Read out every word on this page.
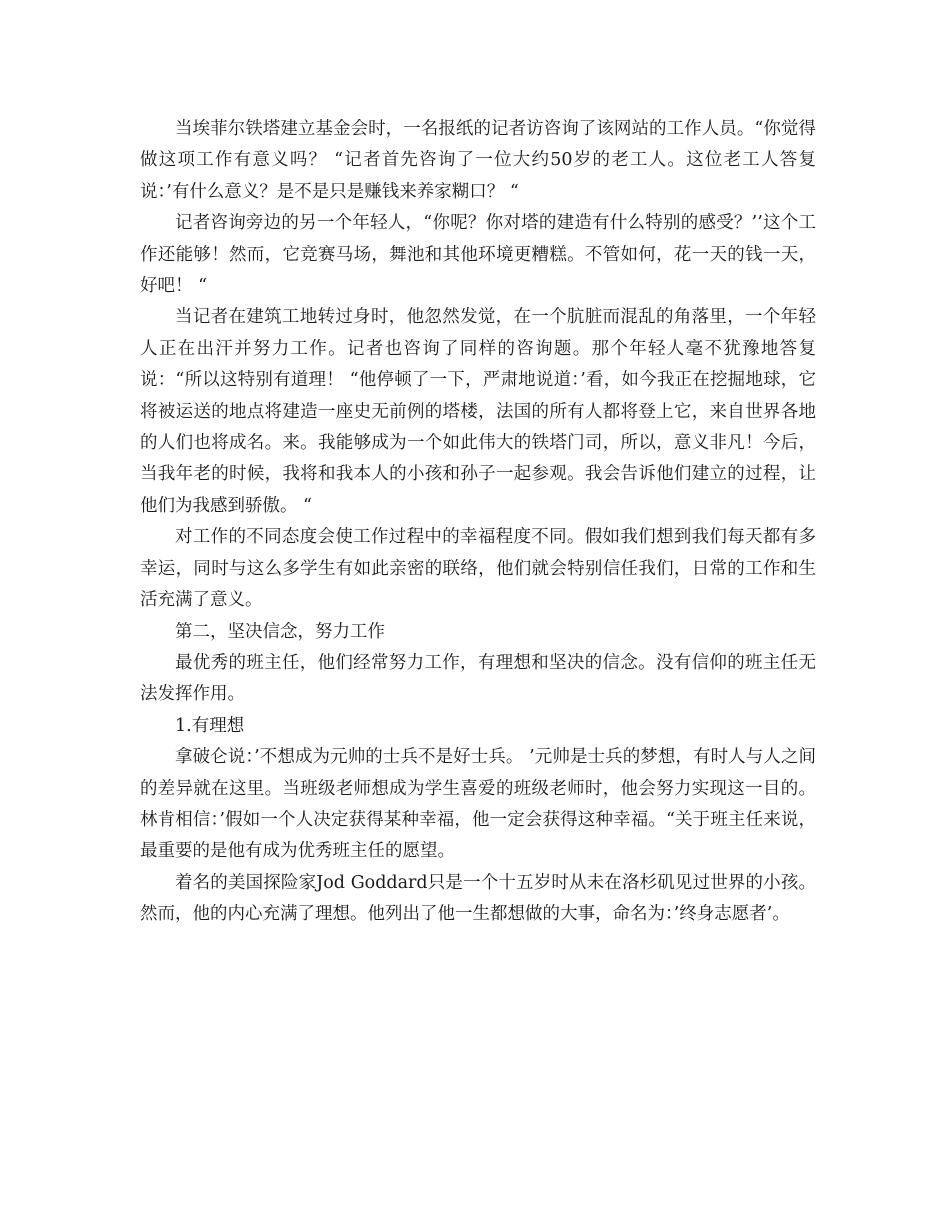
当埃菲尔铁塔建立基金会时，一名报纸的记者访咨询了该网站的工作人员。“你觉得做这项工作有意义吗？ “记者首先咨询了一位大约50岁的老工人。这位老工人答复说：’有什么意义？是不是只是赚钱来养家糊口？ “

记者咨询旁边的另一个年轻人，“你呢？你对塔的建造有什么特别的感受？’’这个工作还能够！然而，它竞赛马场，舞池和其他环境更糟糕。不管如何，花一天的钱一天，好吧！ “

当记者在建筑工地转过身时，他忽然发觉，在一个肮脏而混乱的角落里，一个年轻人正在出汗并努力工作。记者也咨询了同样的咨询题。那个年轻人毫不犹豫地答复说：“所以这特别有道理！ “他停顿了一下，严肃地说道：’看，如今我正在挖掘地球，它将被运送的地点将建造一座史无前例的塔楼，法国的所有人都将登上它，来自世界各地的人们也将成名。来。我能够成为一个如此伟大的铁塔门司，所以，意义非凡！今后，当我年老的时候，我将和我本人的小孩和孙子一起参观。我会告诉他们建立的过程，让他们为我感到骄傲。 “

对工作的不同态度会使工作过程中的幸福程度不同。假如我们想到我们每天都有多幸运，同时与这么多学生有如此亲密的联络，他们就会特别信任我们，日常的工作和生活充满了意义。

第二，坚决信念，努力工作

最优秀的班主任，他们经常努力工作，有理想和坚决的信念。没有信仰的班主任无法发挥作用。

1.有理想

拿破仑说：’不想成为元帅的士兵不是好士兵。 ’元帅是士兵的梦想，有时人与人之间的差异就在这里。当班级老师想成为学生喜爱的班级老师时，他会努力实现这一目的。林肯相信：’假如一个人决定获得某种幸福，他一定会获得这种幸福。“关于班主任来说，最重要的是他有成为优秀班主任的愿望。

着名的美国探险家Jod Goddard只是一个十五岁时从未在洛杉矶见过世界的小孩。然而，他的内心充满了理想。他列出了他一生都想做的大事，命名为：’终身志愿者’。
